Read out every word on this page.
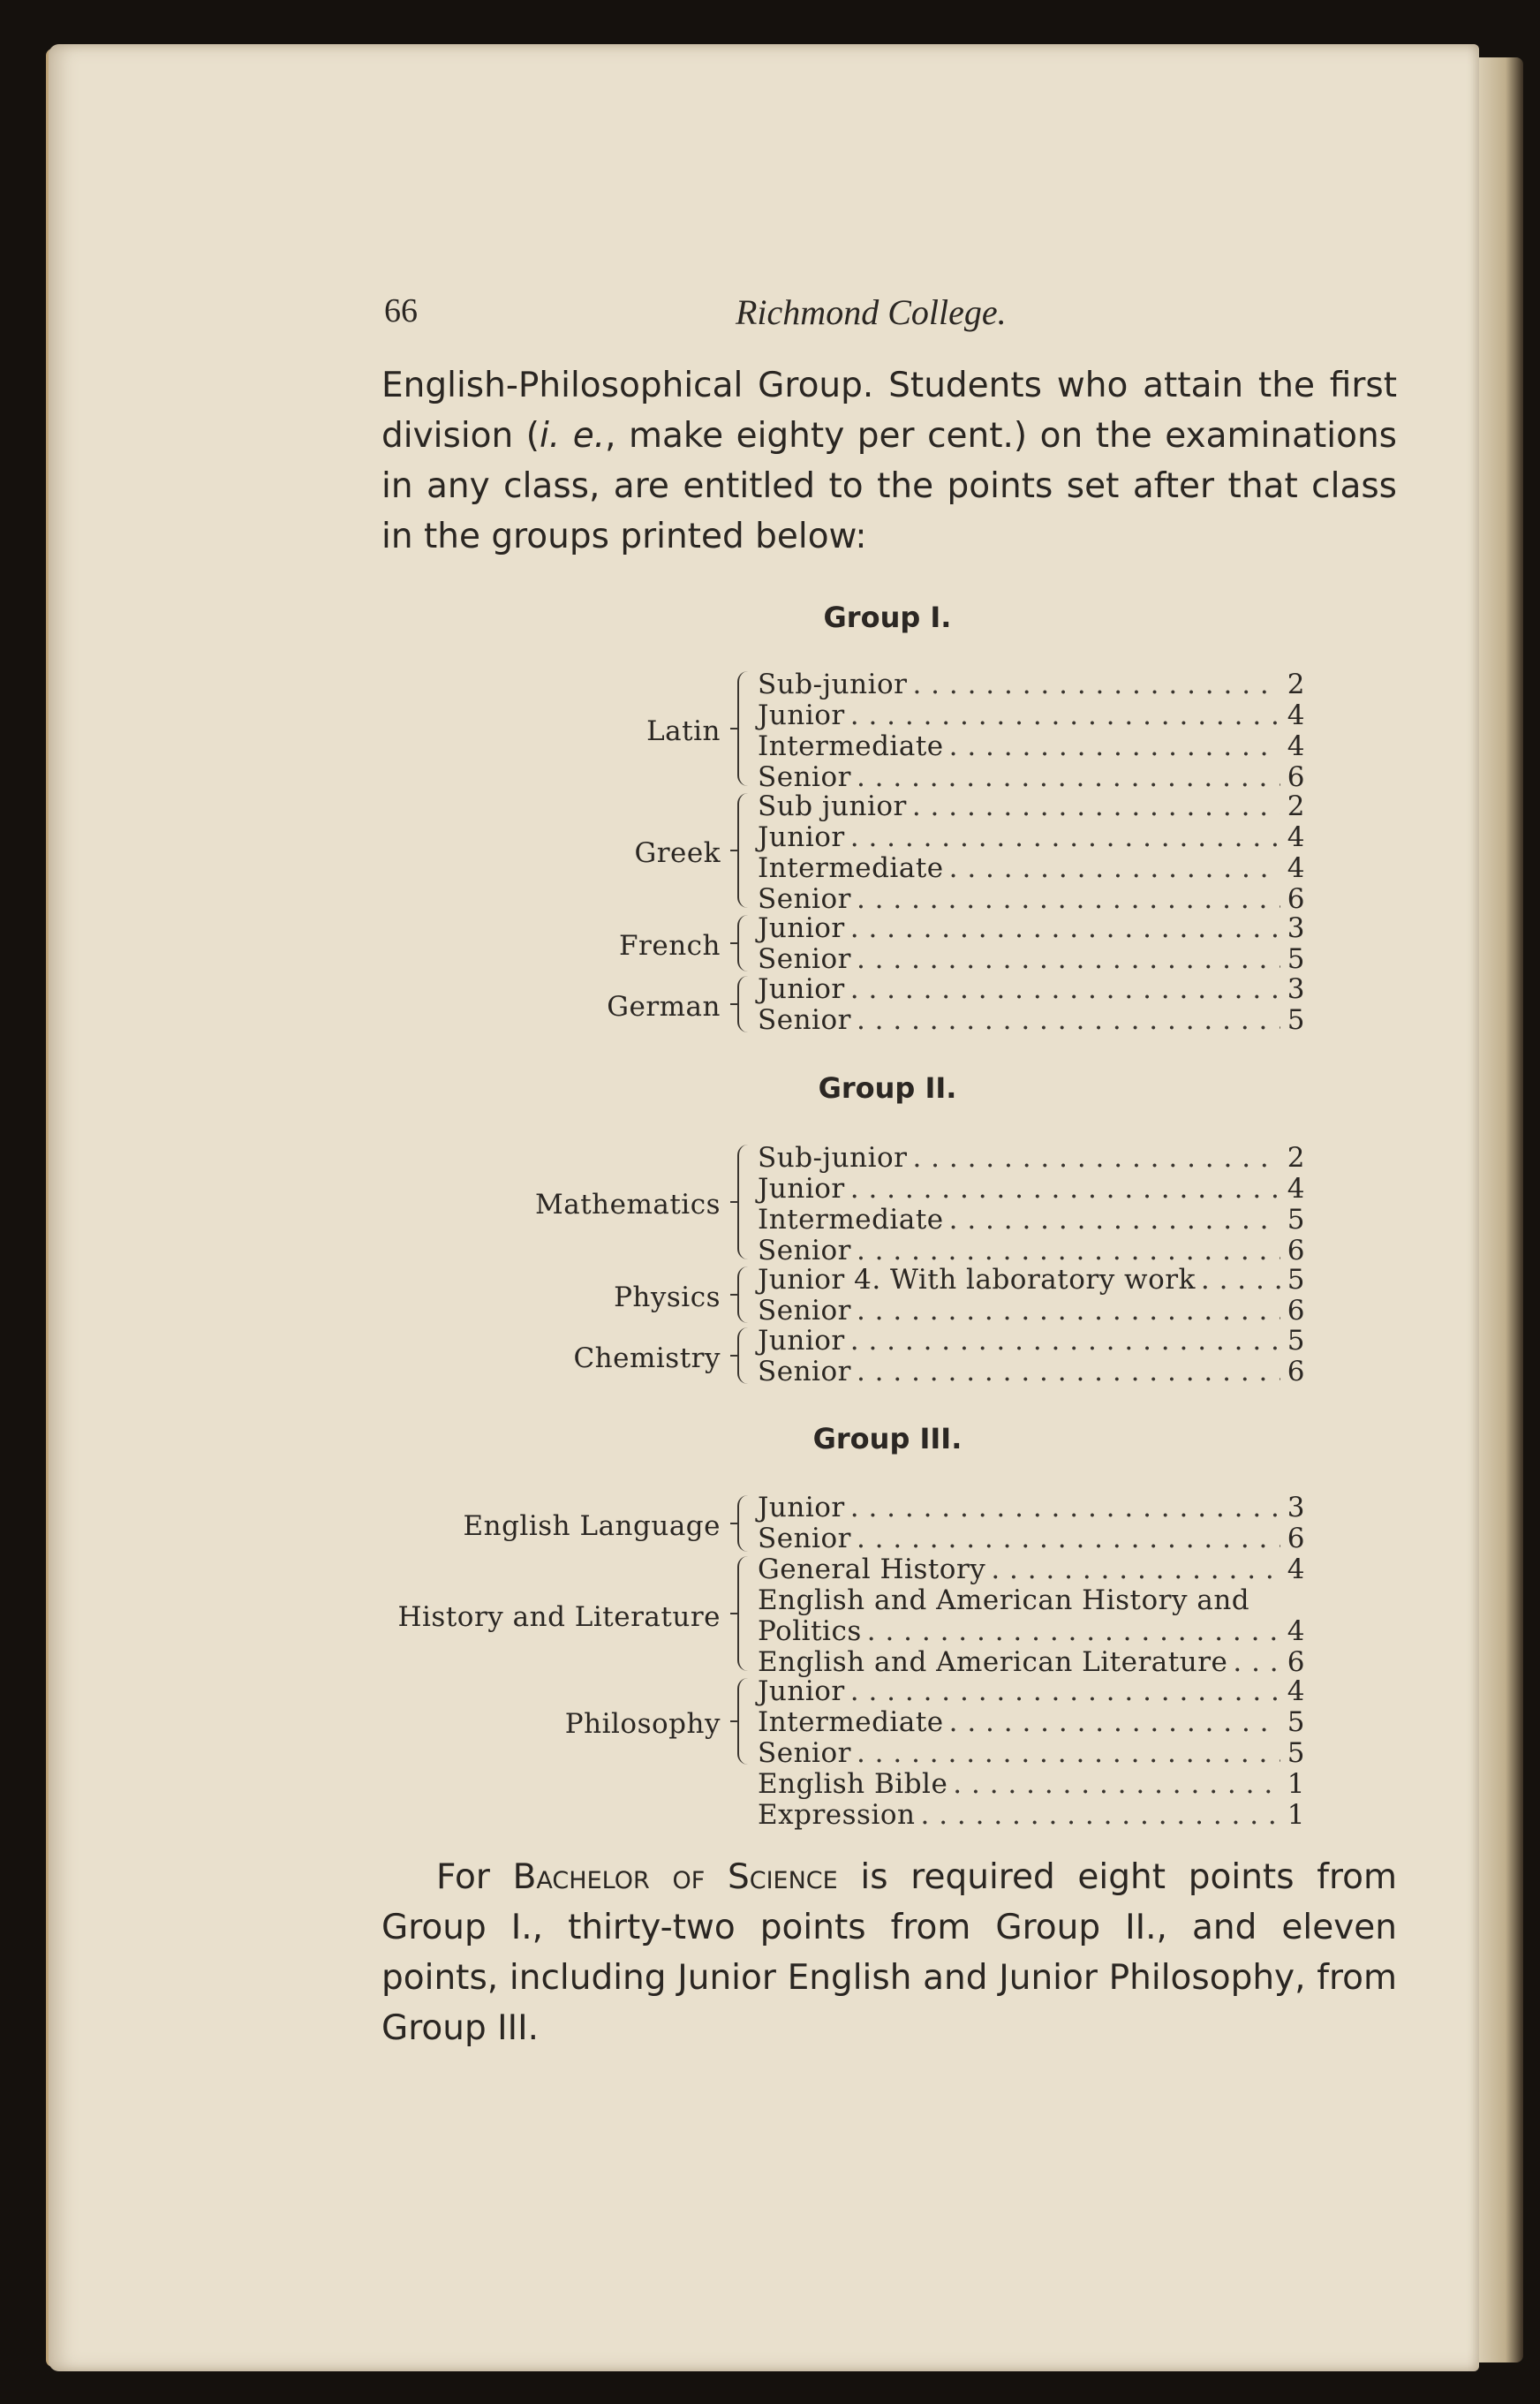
66	Richmond College.
English-Philosophical Group. Students who attain the first division (i. e., make eighty per cent.) on the examinations in any class, are entitled to the points set after that class in the groups printed below:
Group I.
Latin
Sub-junior . . .	2
Junior . . .	4
Intermediate . . .	4
Senior . . .	6
Greek
Sub junior . . .	2
Junior . . .	4
Intermediate . . .	4
Senior . . .	6
French
Junior . . .	3
Senior . . .	5
German
Junior . . .	3
Senior . . .	5
Group II.
Mathematics
Sub-junior . . .	2
Junior . . .	4
Intermediate . . .	5
Senior . . .	6
Physics
Junior 4. With laboratory work . . .	5
Senior . . .	6
Chemistry
Junior . . .	5
Senior . . .	6
Group III.
English Language
Junior . . .	3
Senior . . .	6
History and Literature
General History . . .	4
English and American History and
Politics . . .	4
English and American Literature . . . 6
Philosophy
Junior . . .	4
Intermediate . . .	5
Senior . . .	5
English Bible . . .	1
Expression . . .	1
For Bachelor of Science is required eight points from Group I., thirty-two points from Group II., and eleven points, including Junior English and Junior Philosophy, from Group III.
